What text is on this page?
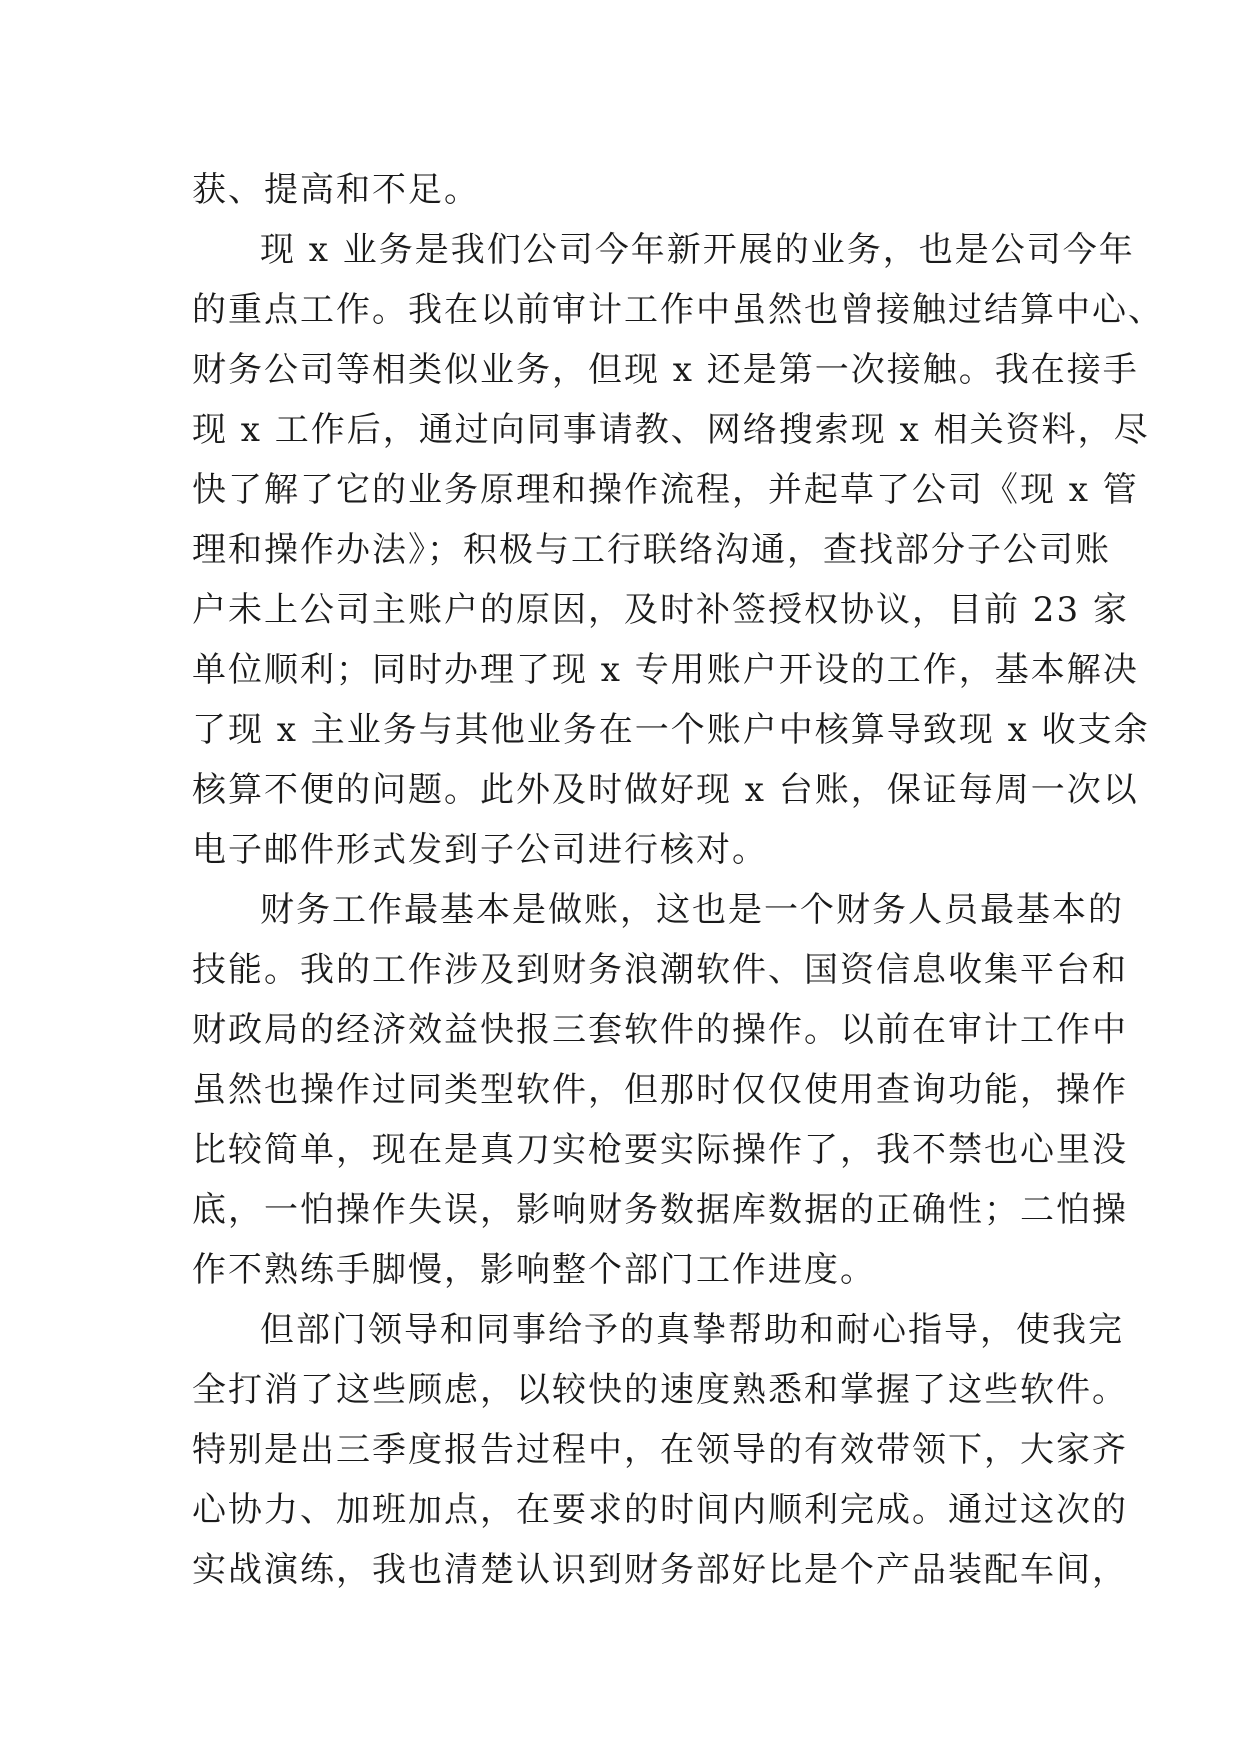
获、提高和不足。
现 x 业务是我们公司今年新开展的业务，也是公司今年
的重点工作。我在以前审计工作中虽然也曾接触过结算中心、
财务公司等相类似业务，但现 x 还是第一次接触。我在接手
现 x 工作后，通过向同事请教、网络搜索现 x 相关资料，尽
快了解了它的业务原理和操作流程，并起草了公司《现 x 管
理和操作办法》；积极与工行联络沟通，查找部分子公司账
户未上公司主账户的原因，及时补签授权协议，目前 23 家
单位顺利；同时办理了现 x 专用账户开设的工作，基本解决
了现 x 主业务与其他业务在一个账户中核算导致现 x 收支余
核算不便的问题。此外及时做好现 x 台账，保证每周一次以
电子邮件形式发到子公司进行核对。
财务工作最基本是做账，这也是一个财务人员最基本的
技能。我的工作涉及到财务浪潮软件、国资信息收集平台和
财政局的经济效益快报三套软件的操作。以前在审计工作中
虽然也操作过同类型软件，但那时仅仅使用查询功能，操作
比较简单，现在是真刀实枪要实际操作了，我不禁也心里没
底，一怕操作失误，影响财务数据库数据的正确性；二怕操
作不熟练手脚慢，影响整个部门工作进度。
但部门领导和同事给予的真挚帮助和耐心指导，使我完
全打消了这些顾虑，以较快的速度熟悉和掌握了这些软件。
特别是出三季度报告过程中，在领导的有效带领下，大家齐
心协力、加班加点，在要求的时间内顺利完成。通过这次的
实战演练，我也清楚认识到财务部好比是个产品装配车间，
